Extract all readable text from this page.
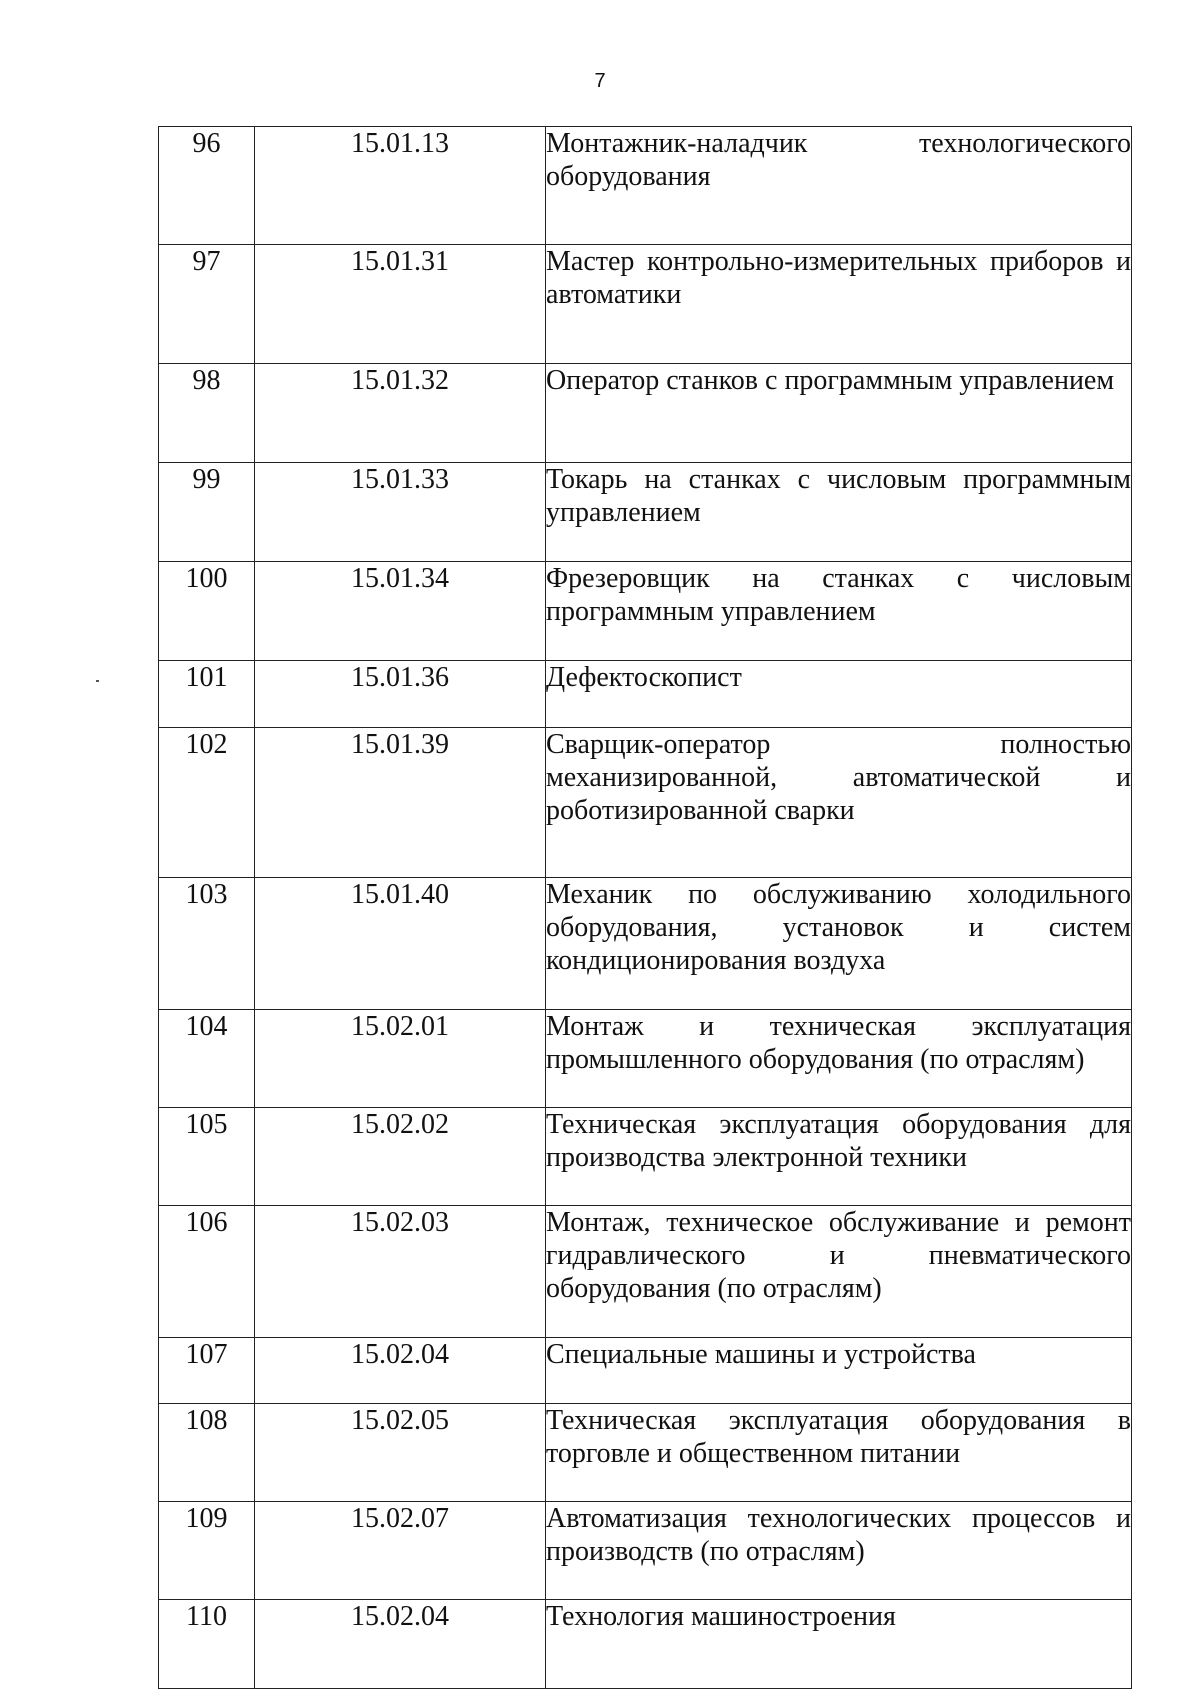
7
96	15.01.13	Монтажник-наладчик технологического оборудования
97	15.01.31	Мастер контрольно-измерительных приборов и автоматики
98	15.01.32	Оператор станков с программным управлением
99	15.01.33	Токарь на станках с числовым программным управлением
100	15.01.34	Фрезеровщик на станках с числовым программным управлением
101	15.01.36	Дефектоскопист
102	15.01.39	Сварщик-оператор полностью механизированной, автоматической и роботизированной сварки
103	15.01.40	Механик по обслуживанию холодильного оборудования, установок и систем кондиционирования воздуха
104	15.02.01	Монтаж и техническая эксплуатация промышленного оборудования (по отраслям)
105	15.02.02	Техническая эксплуатация оборудования для производства электронной техники
106	15.02.03	Монтаж, техническое обслуживание и ремонт гидравлического и пневматического оборудования (по отраслям)
107	15.02.04	Специальные машины и устройства
108	15.02.05	Техническая эксплуатация оборудования в торговле и общественном питании
109	15.02.07	Автоматизация технологических процессов и производств (по отраслям)
110	15.02.04	Технология машиностроения
